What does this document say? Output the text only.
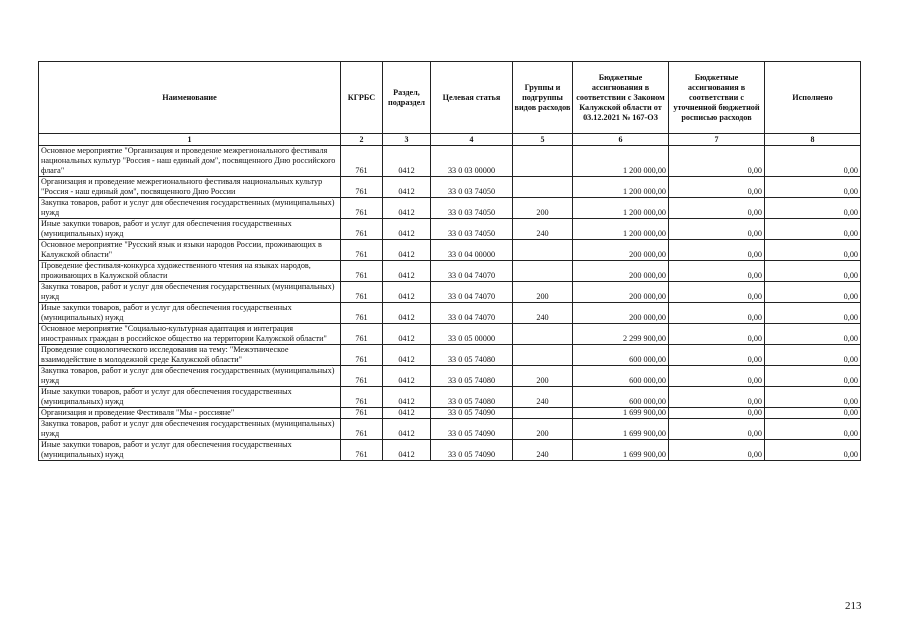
Наименование	КГРБС	Раздел, подраздел	Целевая статья	Группы и подгруппы видов расходов	Бюджетные ассигнования в соответствии с Законом Калужской области от 03.12.2021 № 167-ОЗ	Бюджетные ассигнования в соответствии с уточненной бюджетной росписью расходов	Исполнено
1	2	3	4	5	6	7	8
Основное мероприятие "Организация и проведение межрегионального фестиваля национальных культур "Россия - наш единый дом", посвященного Дню российского флага"	761	0412	33 0 03 00000		1 200 000,00	0,00	0,00
Организация и проведение межрегионального фестиваля национальных культур "Россия - наш единый дом", посвященного Дню России	761	0412	33 0 03 74050		1 200 000,00	0,00	0,00
Закупка товаров, работ и услуг для обеспечения государственных (муниципальных) нужд	761	0412	33 0 03 74050	200	1 200 000,00	0,00	0,00
Иные закупки товаров, работ и услуг для обеспечения государственных (муниципальных) нужд	761	0412	33 0 03 74050	240	1 200 000,00	0,00	0,00
Основное мероприятие "Русский язык и языки народов России, проживающих в Калужской области"	761	0412	33 0 04 00000		200 000,00	0,00	0,00
Проведение фестиваля-конкурса художественного чтения на языках народов, проживающих в Калужской области	761	0412	33 0 04 74070		200 000,00	0,00	0,00
Закупка товаров, работ и услуг для обеспечения государственных (муниципальных) нужд	761	0412	33 0 04 74070	200	200 000,00	0,00	0,00
Иные закупки товаров, работ и услуг для обеспечения государственных (муниципальных) нужд	761	0412	33 0 04 74070	240	200 000,00	0,00	0,00
Основное мероприятие "Социально-культурная адаптация и интеграция иностранных граждан в российское общество на территории Калужской области"	761	0412	33 0 05 00000		2 299 900,00	0,00	0,00
Проведение социологического исследования на тему: "Межэтническое взаимодействие в молодежной среде Калужской области"	761	0412	33 0 05 74080		600 000,00	0,00	0,00
Закупка товаров, работ и услуг для обеспечения государственных (муниципальных) нужд	761	0412	33 0 05 74080	200	600 000,00	0,00	0,00
Иные закупки товаров, работ и услуг для обеспечения государственных (муниципальных) нужд	761	0412	33 0 05 74080	240	600 000,00	0,00	0,00
Организация и проведение Фестиваля "Мы - россияне"	761	0412	33 0 05 74090		1 699 900,00	0,00	0,00
Закупка товаров, работ и услуг для обеспечения государственных (муниципальных) нужд	761	0412	33 0 05 74090	200	1 699 900,00	0,00	0,00
Иные закупки товаров, работ и услуг для обеспечения государственных (муниципальных) нужд	761	0412	33 0 05 74090	240	1 699 900,00	0,00	0,00
213
